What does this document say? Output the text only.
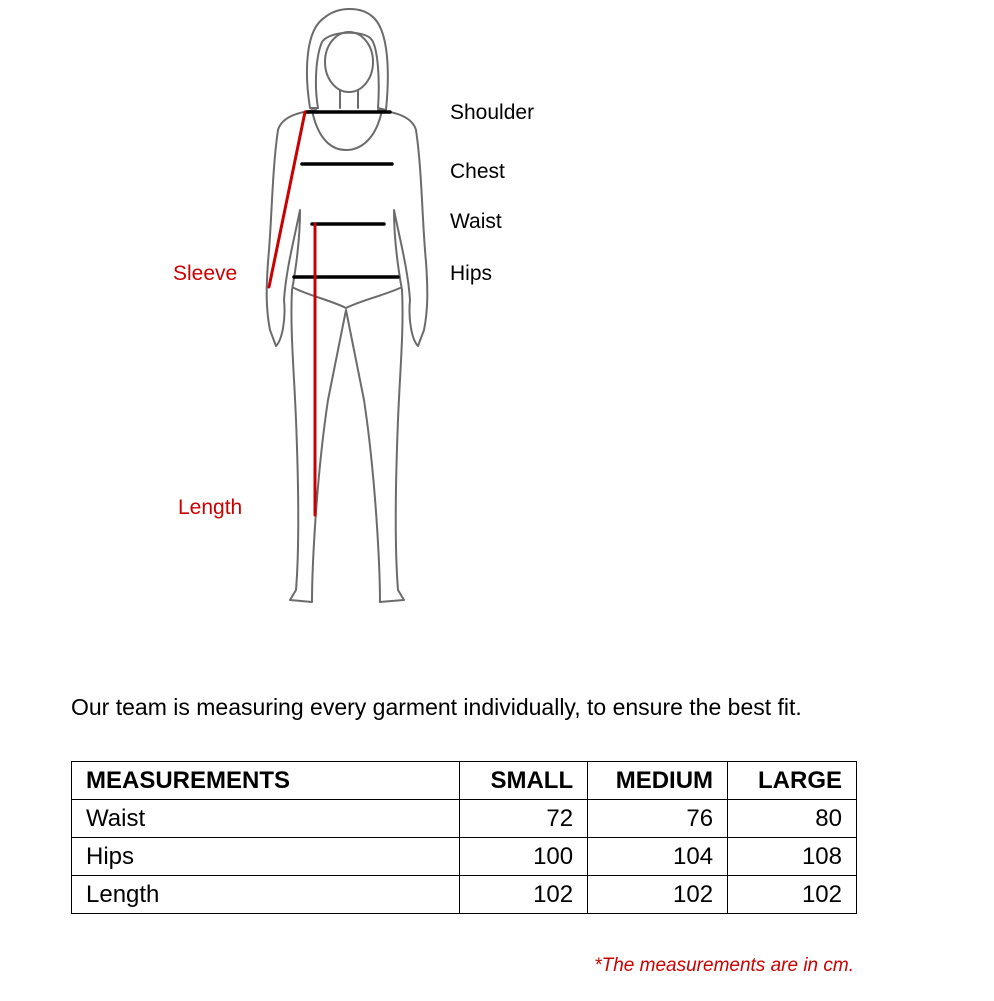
Shoulder
Chest
Waist
Hips
Sleeve
Length
Our team is measuring every garment individually, to ensure the best fit.
MEASUREMENTS	SMALL	MEDIUM	LARGE
Waist	72	76	80
Hips	100	104	108
Length	102	102	102
*The measurements are in cm.
